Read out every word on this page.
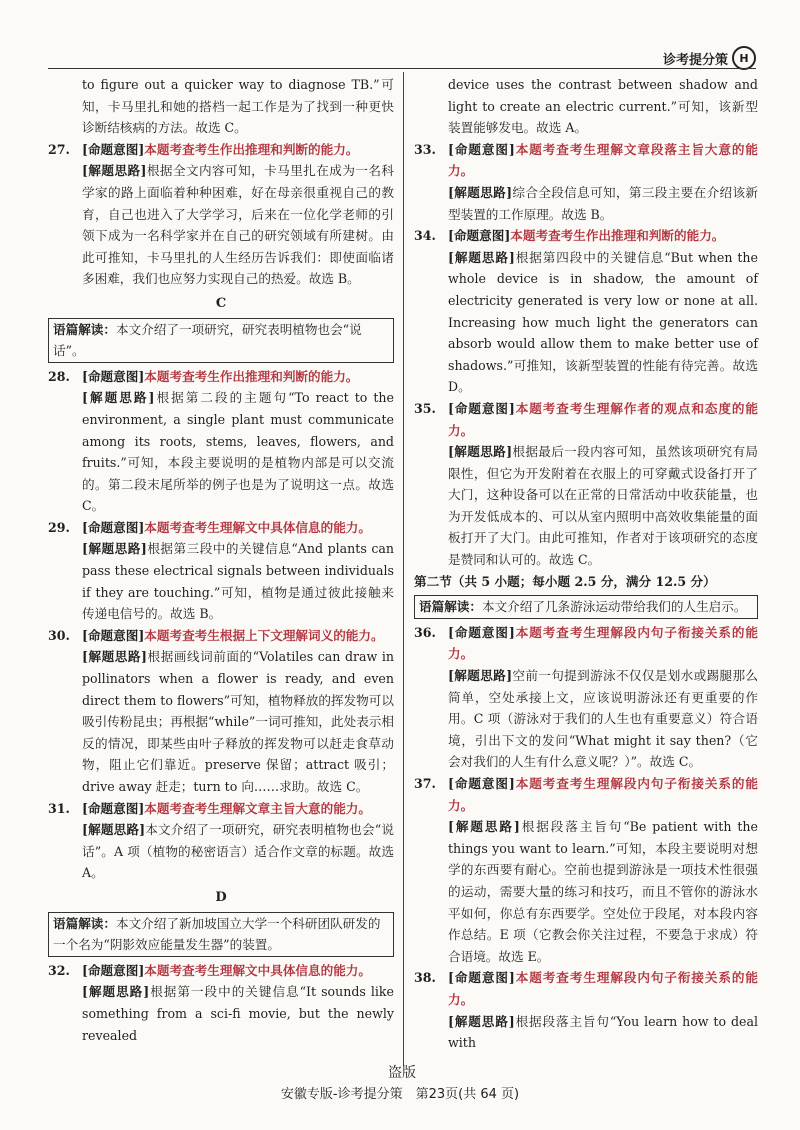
诊考提分策	H
to figure out a quicker way to diagnose TB.”可知，卡马里扎和她的搭档一起工作是为了找到一种更快诊断结核病的方法。故选 C。
27. [命题意图]本题考查考生作出推理和判断的能力。
[解题思路]根据全文内容可知，卡马里扎在成为一名科学家的路上面临着种种困难，好在母亲很重视自己的教育，自己也进入了大学学习，后来在一位化学老师的引领下成为一名科学家并在自己的研究领域有所建树。由此可推知，卡马里扎的人生经历告诉我们：即使面临诸多困难，我们也应努力实现自己的热爱。故选 B。
C
语篇解读：本文介绍了一项研究，研究表明植物也会“说话”。
28. [命题意图]本题考查考生作出推理和判断的能力。
[解题思路]根据第二段的主题句“To react to the environment, a single plant must communicate among its roots, stems, leaves, flowers, and fruits.”可知，本段主要说明的是植物内部是可以交流的。第二段末尾所举的例子也是为了说明这一点。故选 C。
29. [命题意图]本题考查考生理解文中具体信息的能力。
[解题思路]根据第三段中的关键信息“And plants can pass these electrical signals between individuals if they are touching.”可知，植物是通过彼此接触来传递电信号的。故选 B。
30. [命题意图]本题考查考生根据上下文理解词义的能力。
[解题思路]根据画线词前面的“Volatiles can draw in pollinators when a flower is ready, and even direct them to flowers”可知，植物释放的挥发物可以吸引传粉昆虫；再根据“while”一词可推知，此处表示相反的情况，即某些由叶子释放的挥发物可以赶走食草动物，阻止它们靠近。preserve 保留；attract 吸引；drive away 赶走；turn to 向……求助。故选 C。
31. [命题意图]本题考查考生理解文章主旨大意的能力。
[解题思路]本文介绍了一项研究，研究表明植物也会“说话”。A 项（植物的秘密语言）适合作文章的标题。故选 A。
D
语篇解读：本文介绍了新加坡国立大学一个科研团队研发的一个名为“阴影效应能量发生器”的装置。
32. [命题意图]本题考查考生理解文中具体信息的能力。
[解题思路]根据第一段中的关键信息“It sounds like something from a sci-fi movie, but the newly revealed
device uses the contrast between shadow and light to create an electric current.”可知，该新型装置能够发电。故选 A。
33. [命题意图]本题考查考生理解文章段落主旨大意的能力。
[解题思路]综合全段信息可知，第三段主要在介绍该新型装置的工作原理。故选 B。
34. [命题意图]本题考查考生作出推理和判断的能力。
[解题思路]根据第四段中的关键信息“But when the whole device is in shadow, the amount of electricity generated is very low or none at all. Increasing how much light the generators can absorb would allow them to make better use of shadows.”可推知，该新型装置的性能有待完善。故选 D。
35. [命题意图]本题考查考生理解作者的观点和态度的能力。
[解题思路]根据最后一段内容可知，虽然该项研究有局限性，但它为开发附着在衣服上的可穿戴式设备打开了大门，这种设备可以在正常的日常活动中收获能量，也为开发低成本的、可以从室内照明中高效收集能量的面板打开了大门。由此可推知，作者对于该项研究的态度是赞同和认可的。故选 C。
第二节（共 5 小题；每小题 2.5 分，满分 12.5 分）
语篇解读：本文介绍了几条游泳运动带给我们的人生启示。
36. [命题意图]本题考查考生理解段内句子衔接关系的能力。
[解题思路]空前一句提到游泳不仅仅是划水或踢腿那么简单，空处承接上文，应该说明游泳还有更重要的作用。C 项（游泳对于我们的人生也有重要意义）符合语境，引出下文的发问“What might it say then?（它会对我们的人生有什么意义呢？）”。故选 C。
37. [命题意图]本题考查考生理解段内句子衔接关系的能力。
[解题思路]根据段落主旨句“Be patient with the things you want to learn.”可知，本段主要说明对想学的东西要有耐心。空前也提到游泳是一项技术性很强的运动，需要大量的练习和技巧，而且不管你的游泳水平如何，你总有东西要学。空处位于段尾，对本段内容作总结。E 项（它教会你关注过程，不要急于求成）符合语境。故选 E。
38. [命题意图]本题考查考生理解段内句子衔接关系的能力。
[解题思路]根据段落主旨句“You learn how to deal with
盗版
安徽专版-诊考提分策　第23页(共 64 页)
